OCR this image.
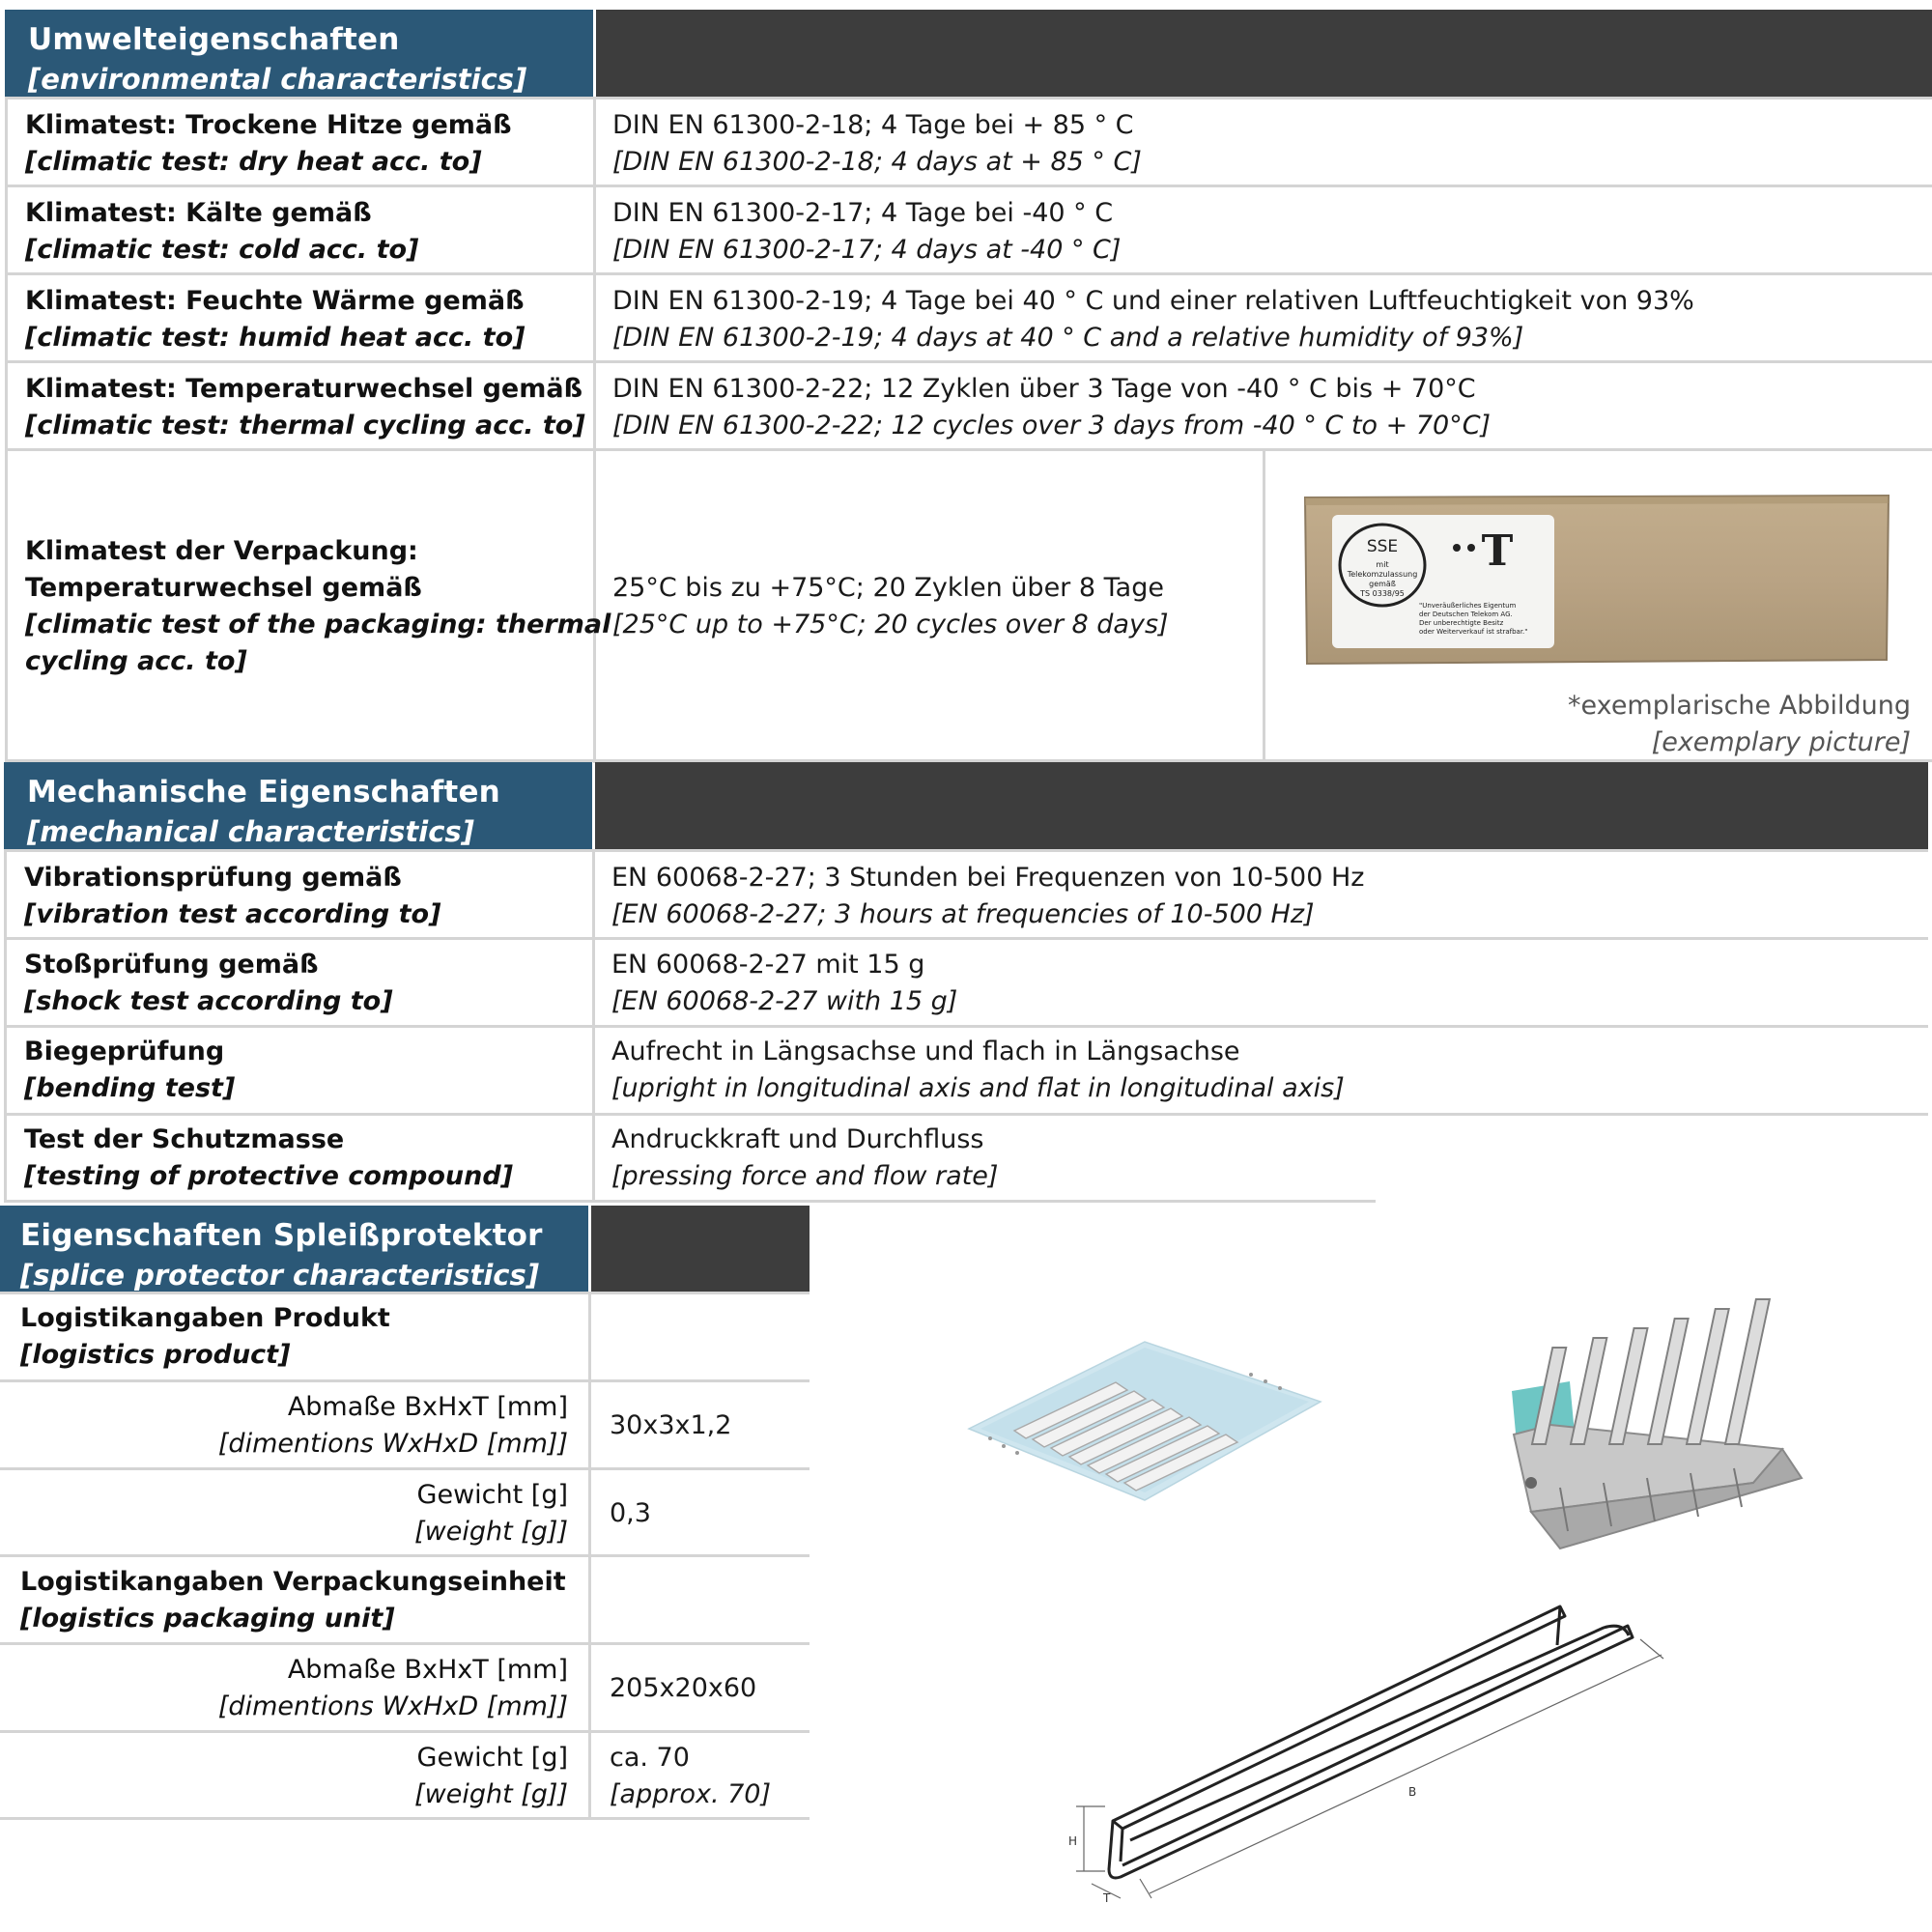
Umwelteigenschaften
[environmental characteristics]
Klimatest: Trockene Hitze gemäß
[climatic test: dry heat acc. to]
DIN EN 61300-2-18; 4 Tage bei + 85 ° C
[DIN EN 61300-2-18; 4 days at + 85 ° C]
Klimatest: Kälte gemäß
[climatic test: cold acc. to]
DIN EN 61300-2-17; 4 Tage bei -40 ° C
[DIN EN 61300-2-17; 4 days at -40 ° C]
Klimatest: Feuchte Wärme gemäß
[climatic test: humid heat acc. to]
DIN EN 61300-2-19; 4 Tage bei 40 ° C und einer relativen Luftfeuchtigkeit von 93%
[DIN EN 61300-2-19; 4 days at 40 ° C and a relative humidity of 93%]
Klimatest: Temperaturwechsel gemäß
[climatic test: thermal cycling acc. to]
DIN EN 61300-2-22; 12 Zyklen über 3 Tage von -40 ° C bis + 70°C
[DIN EN 61300-2-22; 12 cycles over 3 days from -40 ° C to + 70°C]
Klimatest der Verpackung:
Temperaturwechsel gemäß
[climatic test of the packaging: thermal
cycling acc. to]
25°C bis zu +75°C; 20 Zyklen über 8 Tage
[25°C up to +75°C; 20 cycles over 8 days]
SSE
mit
Telekomzulassung
gemäß
TS 0338/95
T
"Unveräußerliches Eigentum
der Deutschen Telekom AG.
Der unberechtigte Besitz
oder Weiterverkauf ist strafbar."
*exemplarische Abbildung
[exemplary picture]
Mechanische Eigenschaften
[mechanical characteristics]
Vibrationsprüfung gemäß
[vibration test according to]
EN 60068-2-27; 3 Stunden bei Frequenzen von 10-500 Hz
[EN 60068-2-27; 3 hours at frequencies of 10-500 Hz]
Stoßprüfung gemäß
[shock test according to]
EN 60068-2-27 mit 15 g
[EN 60068-2-27 with 15 g]
Biegeprüfung
[bending test]
Aufrecht in Längsachse und flach in Längsachse
[upright in longitudinal axis and flat in longitudinal axis]
Test der Schutzmasse
[testing of protective compound]
Andruckkraft und Durchfluss
[pressing force and flow rate]
Eigenschaften Spleißprotektor
[splice protector characteristics]
Logistikangaben Produkt
[logistics product]
Abmaße BxHxT [mm]
[dimentions WxHxD [mm]]
30x3x1,2
Gewicht [g]
[weight [g]]
0,3
Logistikangaben Verpackungseinheit
[logistics packaging unit]
Abmaße BxHxT [mm]
[dimentions WxHxD [mm]]
205x20x60
Gewicht [g]
[weight [g]]
ca. 70
[approx. 70]	B
H
T
